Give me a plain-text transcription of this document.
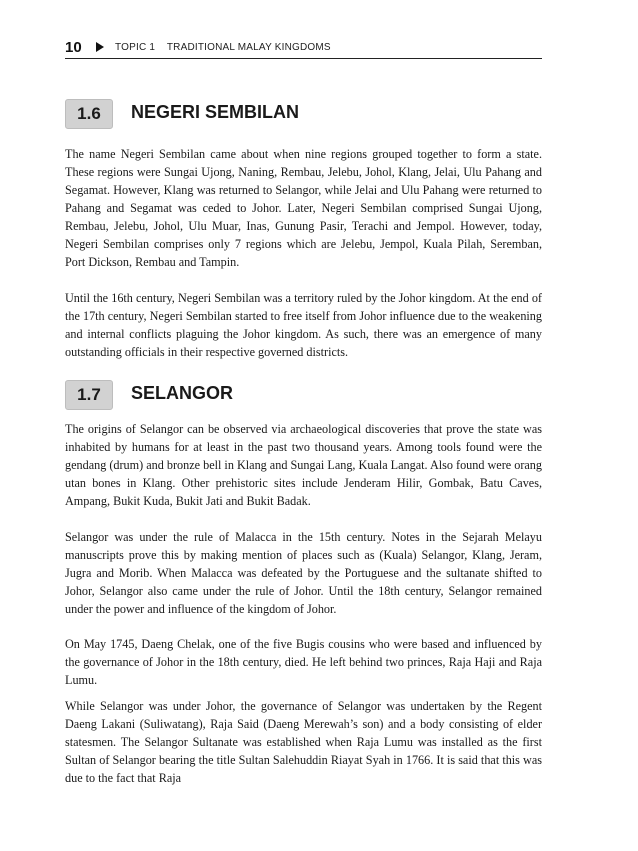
10	TOPIC 1    TRADITIONAL MALAY KINGDOMS
1.6	NEGERI SEMBILAN

The name Negeri Sembilan came about when nine regions grouped together to form a state. These regions were Sungai Ujong, Naning, Rembau, Jelebu, Johol, Klang, Jelai, Ulu Pahang and Segamat. However, Klang was returned to Selangor, while Jelai and Ulu Pahang were returned to Pahang and Segamat was ceded to Johor. Later, Negeri Sembilan comprised Sungai Ujong, Rembau, Jelebu, Johol, Ulu Muar, Inas, Gunung Pasir, Terachi and Jempol. However, today, Negeri Sembilan comprises only 7 regions which are Jelebu, Jempol, Kuala Pilah, Seremban, Port Dickson, Rembau and Tampin.

Until the 16th century, Negeri Sembilan was a territory ruled by the Johor kingdom. At the end of the 17th century, Negeri Sembilan started to free itself from Johor influence due to the weakening and internal conflicts plaguing the Johor kingdom. As such, there was an emergence of many outstanding officials in their respective governed districts.

1.7	SELANGOR

The origins of Selangor can be observed via archaeological discoveries that prove the state was inhabited by humans for at least in the past two thousand years. Among tools found were the gendang (drum) and bronze bell in Klang and Sungai Lang, Kuala Langat. Also found were orang utan bones in Klang. Other prehistoric sites include Jenderam Hilir, Gombak, Batu Caves, Ampang, Bukit Kuda, Bukit Jati and Bukit Badak.

Selangor was under the rule of Malacca in the 15th century. Notes in the Sejarah Melayu manuscripts prove this by making mention of places such as (Kuala) Selangor, Klang, Jeram, Jugra and Morib. When Malacca was defeated by the Portuguese and the sultanate shifted to Johor, Selangor also came under the rule of Johor. Until the 18th century, Selangor remained under the power and influence of the kingdom of Johor.

On May 1745, Daeng Chelak, one of the five Bugis cousins who were based and influenced by the governance of Johor in the 18th century, died. He left behind two princes, Raja Haji and Raja Lumu.

While Selangor was under Johor, the governance of Selangor was undertaken by the Regent Daeng Lakani (Suliwatang), Raja Said (Daeng Merewah’s son) and a body consisting of elder statesmen. The Selangor Sultanate was established when Raja Lumu was installed as the first Sultan of Selangor bearing the title Sultan Salehuddin Riayat Syah in 1766. It is said that this was due to the fact that Raja
